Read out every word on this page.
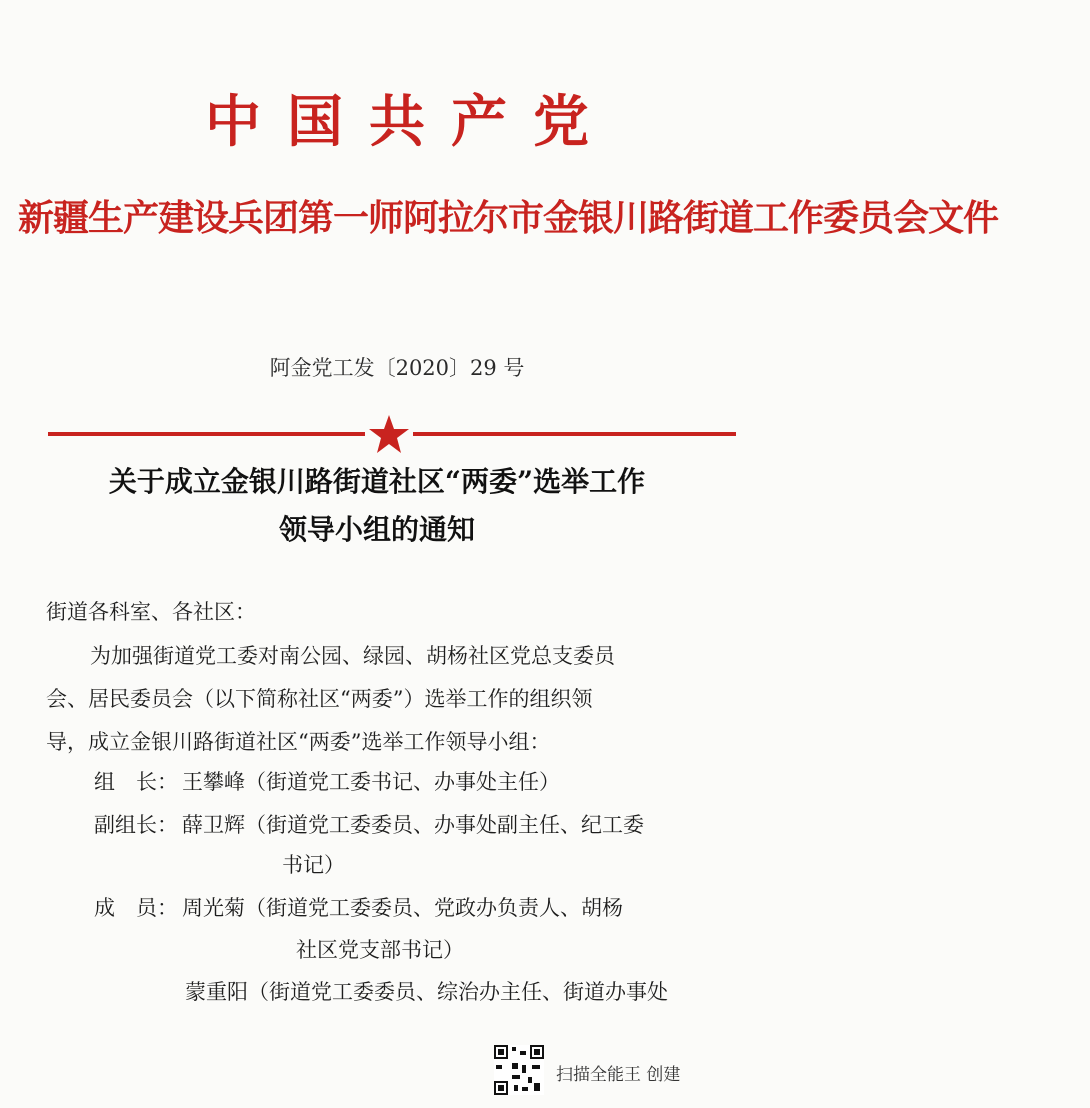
中国共产党
新疆生产建设兵团第一师阿拉尔市金银川路街道工作委员会文件
阿金党工发〔2020〕29 号
关于成立金银川路街道社区“两委”选举工作
领导小组的通知
街道各科室、各社区：
为加强街道党工委对南公园、绿园、胡杨社区党总支委员
会、居民委员会（以下简称社区“两委”）选举工作的组织领
导，成立金银川路街道社区“两委”选举工作领导小组：
组　长： 王攀峰（街道党工委书记、办事处主任）
副组长： 薛卫辉（街道党工委委员、办事处副主任、纪工委
书记）
成　员： 周光菊（街道党工委委员、党政办负责人、胡杨
社区党支部书记）
蒙重阳（街道党工委委员、综治办主任、街道办事处
扫描全能王 创建
